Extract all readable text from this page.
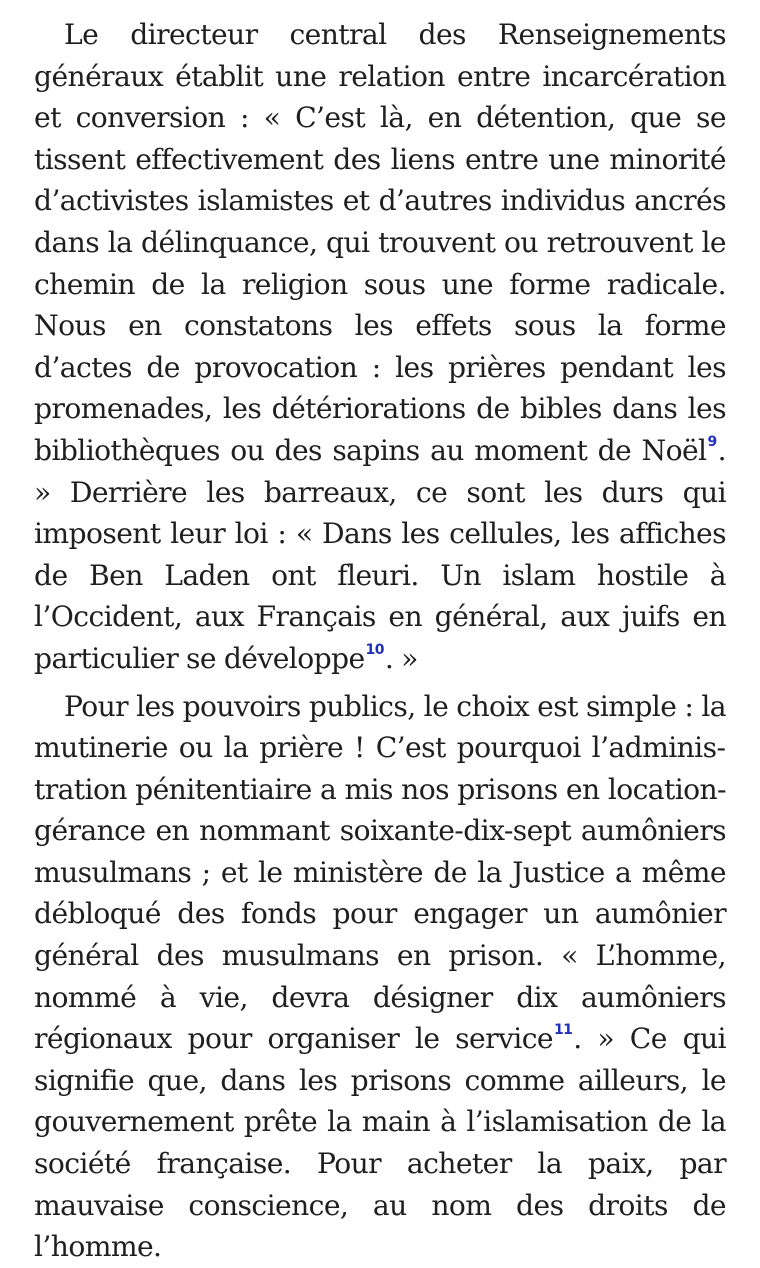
Le directeur central des Renseignements généraux établit une relation entre incarcération et conversion : « C’est là, en détention, que se tissent effectivement des liens entre une minorité d’activistes islamistes et d’autres individus ancrés dans la délinquance, qui trouvent ou retrouvent le chemin de la religion sous une forme radicale. Nous en constatons les effets sous la forme d’actes de provocation : les prières pendant les promenades, les détériorations de bibles dans les bibliothèques ou des sapins au moment de Noël$^9$. » Derrière les barreaux, ce sont les durs qui imposent leur loi : « Dans les cellules, les affiches de Ben Laden ont fleuri. Un islam hostile à l’Occident, aux Français en général, aux juifs en particulier se développe$^{10}$. »

Pour les pouvoirs publics, le choix est simple : la mutinerie ou la prière ! C’est pourquoi l’administration pénitentiaire a mis nos prisons en location-gérance en nommant soixante-dix-sept aumôniers musulmans ; et le ministère de la Justice a même débloqué des fonds pour engager un aumônier général des musulmans en prison. « L’homme, nommé à vie, devra désigner dix aumôniers régionaux pour organiser le service$^{11}$. » Ce qui signifie que, dans les prisons comme ailleurs, le gouvernement prête la main à l’islamisation de la société française. Pour acheter la paix, par mauvaise conscience, au nom des droits de l’homme.
